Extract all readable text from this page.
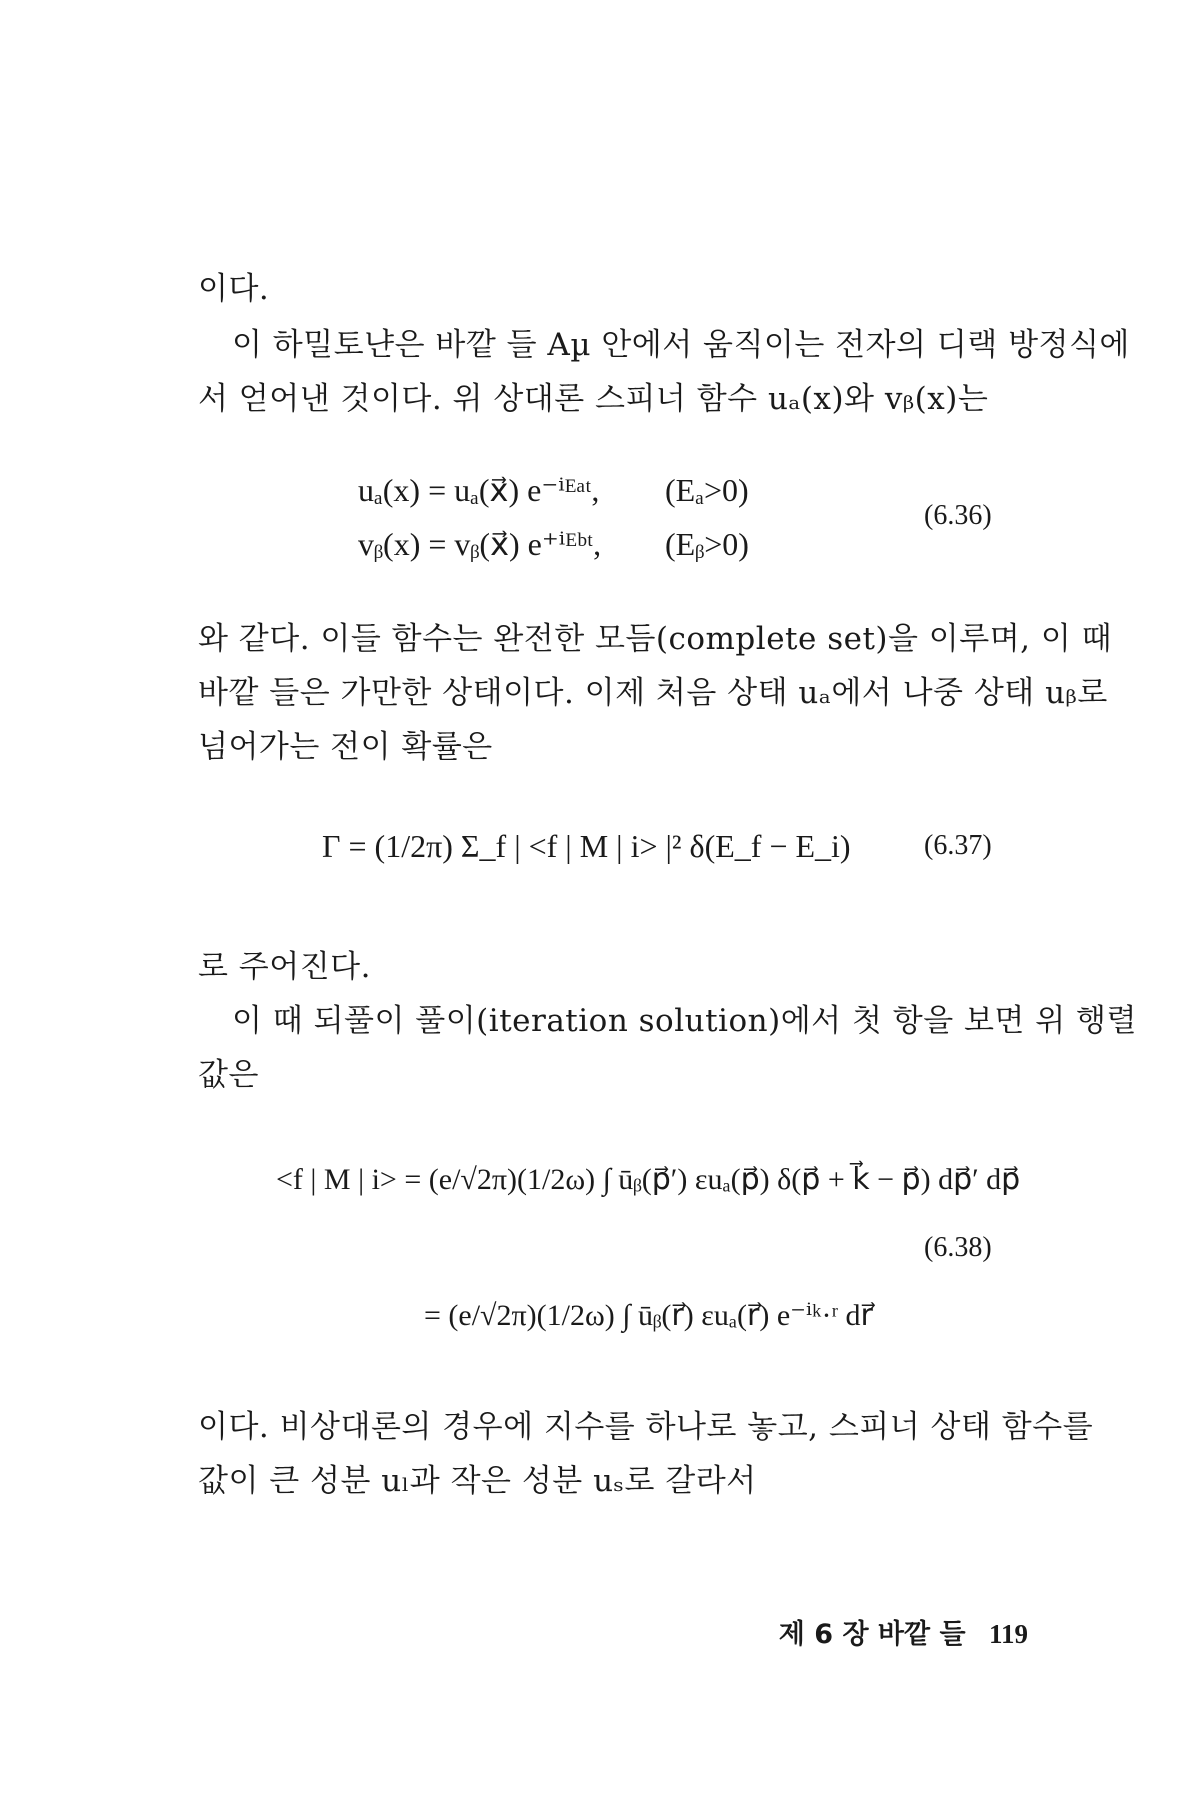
이다.

이 하밀토냔은 바깥 들 Aµ 안에서 움직이는 전자의 디랙 방정식에
서 얻어낸 것이다. 위 상대론 스피너 함수 uₐ(x)와 vᵦ(x)는

uₐ(x) = uₐ(x⃗) e⁻ⁱᴱᵃᵗ, (Eₐ>0)
vᵦ(x) = vᵦ(x⃗) e⁺ⁱᴱᵇᵗ, (Eᵦ>0)
(6.36)

와 같다. 이들 함수는 완전한 모듬(complete set)을 이루며, 이 때
바깥 들은 가만한 상태이다. 이제 처음 상태 uₐ에서 나중 상태 uᵦ로
넘어가는 전이 확률은

Γ = (1/2π) Σ_f | <f | M | i> |² δ(E_f − E_i)	(6.37)

로 주어진다.

이 때 되풀이 풀이(iteration solution)에서 첫 항을 보면 위 행렬
값은

<f | M | i> = (e/√2π)(1/2ω) ∫ ūᵦ(p⃗′) ɛuₐ(p⃗) δ(p⃗ + k⃗ − p⃗) dp⃗′ dp⃗
(6.38)
= (e/√2π)(1/2ω) ∫ ūᵦ(r⃗) ɛuₐ(r⃗) e⁻ⁱᵏ·ʳ dr⃗

이다. 비상대론의 경우에 지수를 하나로 놓고, 스피너 상태 함수를
값이 큰 성분 uₗ과 작은 성분 uₛ로 갈라서

제 6 장 바깥 들 119
